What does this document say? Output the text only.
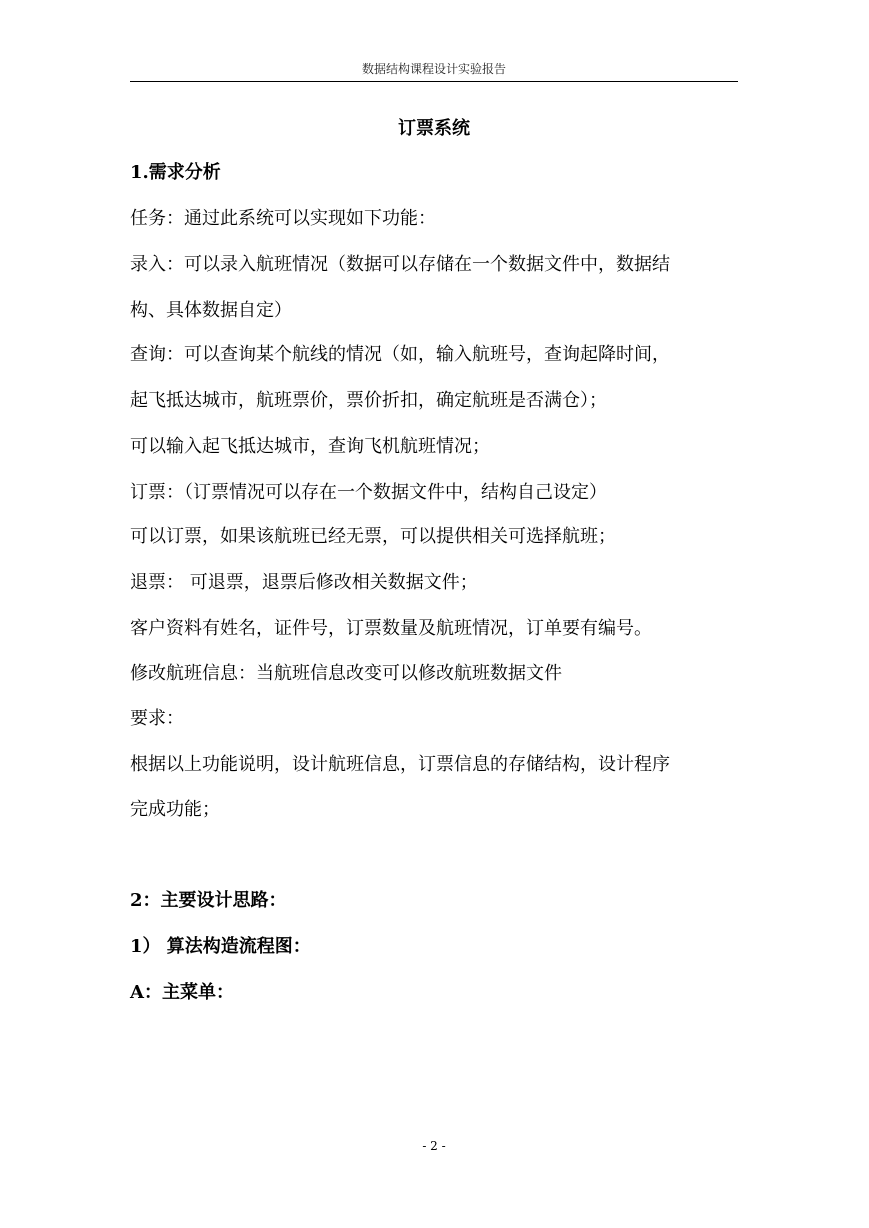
数据结构课程设计实验报告
订票系统
1.需求分析
任务：通过此系统可以实现如下功能：
录入：可以录入航班情况（数据可以存储在一个数据文件中，数据结
构、具体数据自定）
查询：可以查询某个航线的情况（如，输入航班号，查询起降时间，
起飞抵达城市，航班票价，票价折扣，确定航班是否满仓）；
可以输入起飞抵达城市，查询飞机航班情况；
订票：（订票情况可以存在一个数据文件中，结构自己设定）
可以订票，如果该航班已经无票，可以提供相关可选择航班；
退票： 可退票，退票后修改相关数据文件；
客户资料有姓名，证件号，订票数量及航班情况，订单要有编号。
修改航班信息：当航班信息改变可以修改航班数据文件
要求：
根据以上功能说明，设计航班信息，订票信息的存储结构，设计程序
完成功能；
2：主要设计思路：
1） 算法构造流程图：
A：主菜单：
- 2 -
